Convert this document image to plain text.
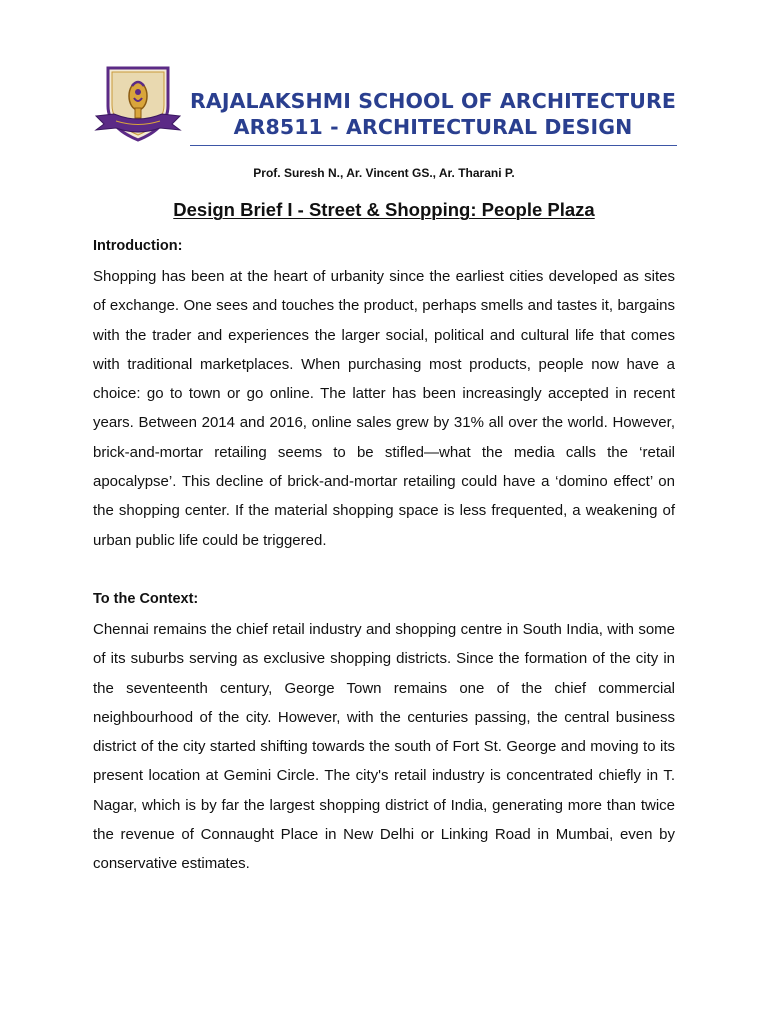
RAJALAKSHMI SCHOOL OF ARCHITECTURE
AR8511 - ARCHITECTURAL DESIGN
Prof. Suresh N., Ar. Vincent GS., Ar. Tharani P.
Design Brief I - Street & Shopping: People Plaza
Introduction:
Shopping has been at the heart of urbanity since the earliest cities developed as sites of exchange. One sees and touches the product, perhaps smells and tastes it, bargains with the trader and experiences the larger social, political and cultural life that comes with traditional marketplaces. When purchasing most products, people now have a choice: go to town or go online. The latter has been increasingly accepted in recent years. Between 2014 and 2016, online sales grew by 31% all over the world. However, brick-and-mortar retailing seems to be stifled—what the media calls the ‘retail apocalypse’. This decline of brick-and-mortar retailing could have a ‘domino effect’ on the shopping center. If the material shopping space is less frequented, a weakening of urban public life could be triggered.
To the Context:
Chennai remains the chief retail industry and shopping centre in South India, with some of its suburbs serving as exclusive shopping districts. Since the formation of the city in the seventeenth century, George Town remains one of the chief commercial neighbourhood of the city. However, with the centuries passing, the central business district of the city started shifting towards the south of Fort St. George and moving to its present location at Gemini Circle. The city's retail industry is concentrated chiefly in T. Nagar, which is by far the largest shopping district of India, generating more than twice the revenue of Connaught Place in New Delhi or Linking Road in Mumbai, even by conservative estimates.
